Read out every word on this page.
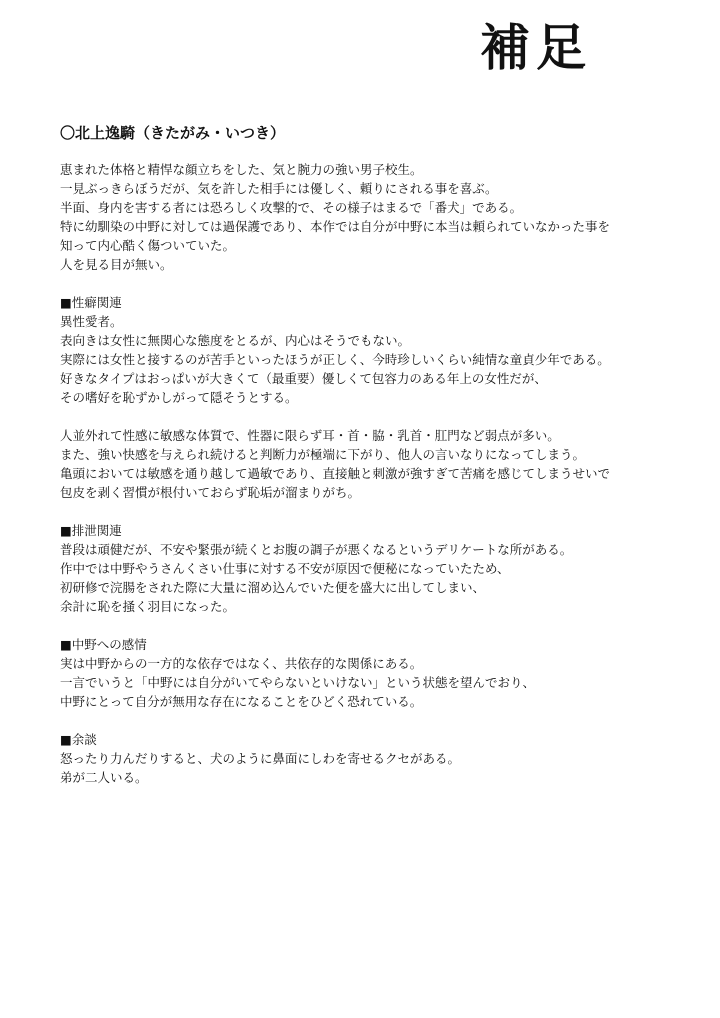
補足
〇北上逸騎（きたがみ・いつき）
恵まれた体格と精悍な顔立ちをした、気と腕力の強い男子校生。
一見ぶっきらぼうだが、気を許した相手には優しく、頼りにされる事を喜ぶ。
半面、身内を害する者には恐ろしく攻撃的で、その様子はまるで「番犬」である。
特に幼馴染の中野に対しては過保護であり、本作では自分が中野に本当は頼られていなかった事を
知って内心酷く傷ついていた。
人を見る目が無い。
■性癖関連
異性愛者。
表向きは女性に無関心な態度をとるが、内心はそうでもない。
実際には女性と接するのが苦手といったほうが正しく、今時珍しいくらい純情な童貞少年である。
好きなタイプはおっぱいが大きくて（最重要）優しくて包容力のある年上の女性だが、
その嗜好を恥ずかしがって隠そうとする。
人並外れて性感に敏感な体質で、性器に限らず耳・首・脇・乳首・肛門など弱点が多い。
また、強い快感を与えられ続けると判断力が極端に下がり、他人の言いなりになってしまう。
亀頭においては敏感を通り越して過敏であり、直接触と刺激が強すぎて苦痛を感じてしまうせいで
包皮を剥く習慣が根付いておらず恥垢が溜まりがち。
■排泄関連
普段は頑健だが、不安や緊張が続くとお腹の調子が悪くなるというデリケートな所がある。
作中では中野やうさんくさい仕事に対する不安が原因で便秘になっていたため、
初研修で浣腸をされた際に大量に溜め込んでいた便を盛大に出してしまい、
余計に恥を掻く羽目になった。
■中野への感情
実は中野からの一方的な依存ではなく、共依存的な関係にある。
一言でいうと「中野には自分がいてやらないといけない」という状態を望んでおり、
中野にとって自分が無用な存在になることをひどく恐れている。
■余談
怒ったり力んだりすると、犬のように鼻面にしわを寄せるクセがある。
弟が二人いる。
